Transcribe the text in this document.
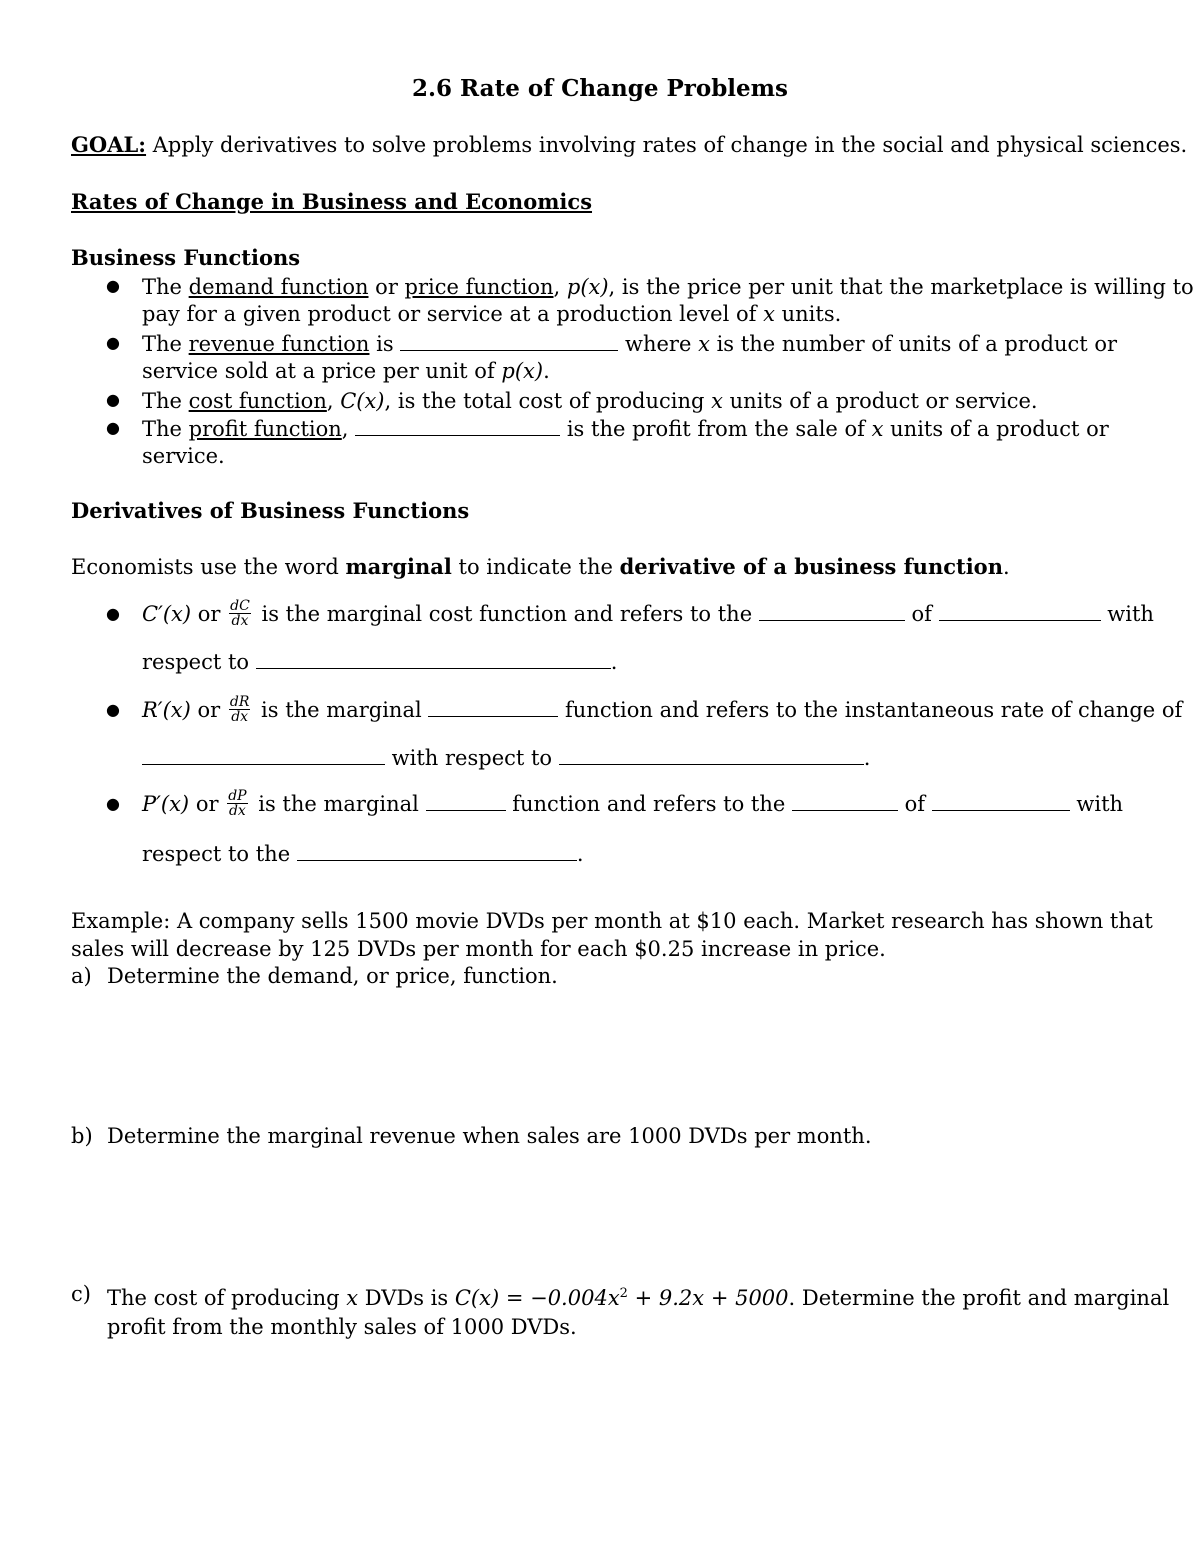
2.6 Rate of Change Problems
GOAL: Apply derivatives to solve problems involving rates of change in the social and physical sciences.
Rates of Change in Business and Economics
Business Functions
● The demand function or price function, p(x), is the price per unit that the marketplace is willing to
pay for a given product or service at a production level of x units.
● The revenue function is	where x is the number of units of a product or
service sold at a price per unit of p(x).
● The cost function, C(x), is the total cost of producing x units of a product or service.
● The profit function,	is the profit from the sale of x units of a product or
service.
Derivatives of Business Functions
Economists use the word marginal to indicate the derivative of a business function.
● C′(x) or $\frac{dC}{dx}$ is the marginal cost function and refers to the	of	with
respect to	.
● R′(x) or $\frac{dR}{dx}$ is the marginal	function and refers to the instantaneous rate of change of
with respect to	.
● P′(x) or $\frac{dP}{dx}$ is the marginal	function and refers to the	of	with
respect to the	.
Example: A company sells 1500 movie DVDs per month at $10 each. Market research has shown that
sales will decrease by 125 DVDs per month for each $0.25 increase in price.
a) Determine the demand, or price, function.
b) Determine the marginal revenue when sales are 1000 DVDs per month.
c) The cost of producing x DVDs is $C(x) = -0.004x^2 + 9.2x + 5000$. Determine the profit and marginal
profit from the monthly sales of 1000 DVDs.
